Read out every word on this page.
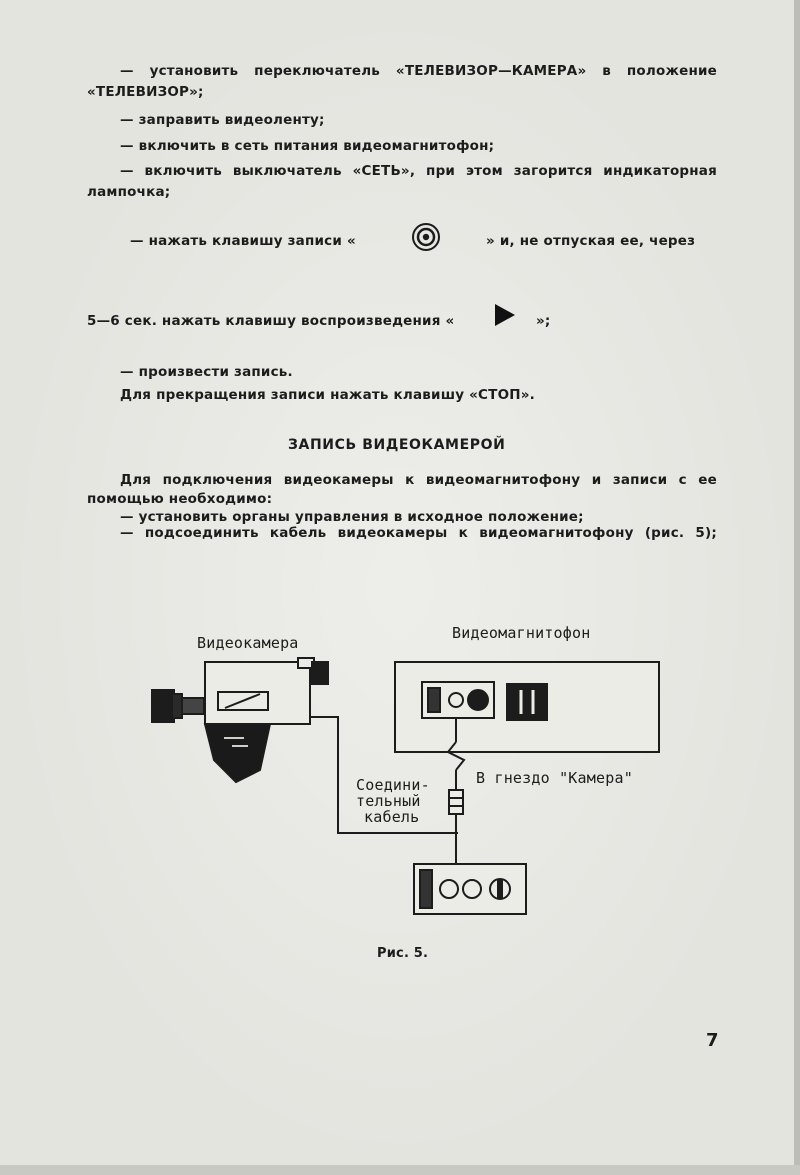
— установить переключатель «ТЕЛЕВИЗОР—КАМЕРА» в положение
«ТЕЛЕВИЗОР»;
— заправить видеоленту;
— включить в сеть питания видеомагнитофон;
— включить выключатель «СЕТЬ», при этом загорится индикаторная
лампочка;
— нажать клавишу записи «	» и, не отпуская ее, через
5—6 сек. нажать клавишу воспроизведения «	»;
— произвести запись.
Для прекращения записи нажать клавишу «СТОП».
ЗАПИСЬ ВИДЕОКАМЕРОЙ
Для подключения видеокамеры к видеомагнитофону и записи с ее
помощью необходимо:
— установить органы управления в исходное положение;
— подсоединить кабель видеокамеры к видеомагнитофону (рис. 5);
Видеокамера
Видеомагнитофон
Соедини-
тельный
кабель
В гнездо "Камера"
Рис. 5.
7
